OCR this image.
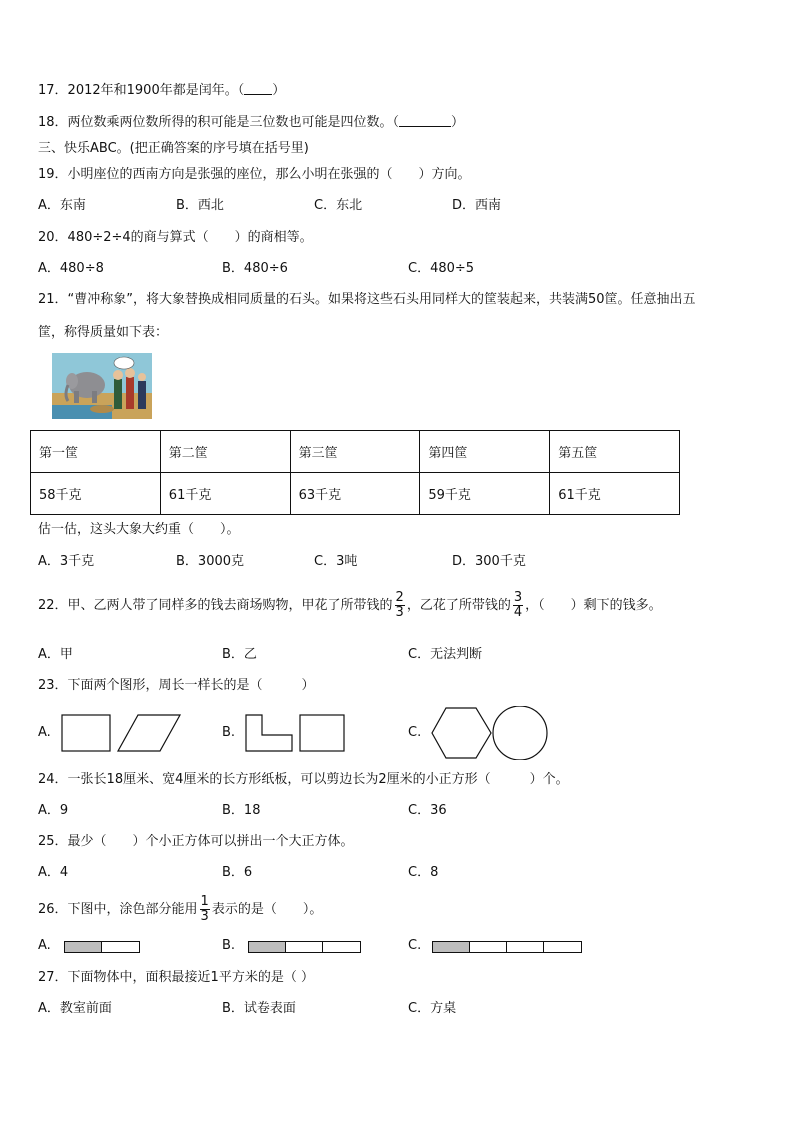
17．2012年和1900年都是闰年。（ ）
18．两位数乘两位数所得的积可能是三位数也可能是四位数。（	）
三、快乐ABC。(把正确答案的序号填在括号里)
19．小明座位的西南方向是张强的座位，那么小明在张强的（　　）方向。
A．东南	B．西北	C．东北	D．西南
20．480÷2÷4的商与算式（　　）的商相等。
A．480÷8	B．480÷6	C．480÷5
21．“曹冲称象”，将大象替换成相同质量的石头。如果将这些石头用同样大的筐装起来，共装满50筐。任意抽出五
筐，称得质量如下表：
第一筐	第二筐	第三筐	第四筐	第五筐
58千克	61千克	63千克	59千克	61千克
估一估，这头大象大约重（　　）。
A．3千克	B．3000克	C．3吨	D．300千克
22．甲、乙两人带了同样多的钱去商场购物，甲花了所带钱的 $\frac{2}{3}$ ，乙花了所带钱的 $\frac{3}{4}$ ，（　　）剩下的钱多。
A．甲	B．乙	C．无法判断
23．下面两个图形，周长一样长的是（　　　）
A.	B.	C.
24．一张长18厘米、宽4厘米的长方形纸板，可以剪边长为2厘米的小正方形（　　　）个。
A．9	B．18	C．36
25．最少（　　）个小正方体可以拼出一个大正方体。
A．4	B．6	C．8
26．下图中，涂色部分能用 $\frac{1}{3}$ 表示的是（　　）。
A.	B.	C.
27．下面物体中，面积最接近1平方米的是（ ）
A．教室前面	B．试卷表面	C．方桌
